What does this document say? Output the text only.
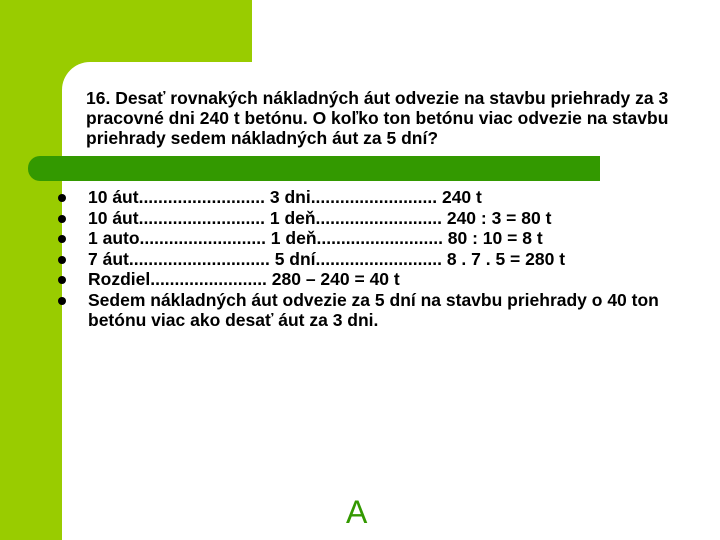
16. Desať rovnakých nákladných áut odvezie na stavbu priehrady za 3 pracovné dni 240 t betónu. O koľko ton betónu viac odvezie na stavbu priehrady sedem nákladných áut za 5 dní?

10 áut.......................... 3 dni.......................... 240 t
10 áut.......................... 1 deň.......................... 240 : 3 = 80 t
1 auto.......................... 1 deň.......................... 80 : 10 = 8 t
7 áut............................. 5 dní.......................... 8 . 7 . 5 = 280 t
Rozdiel........................ 280 – 240 = 40 t
Sedem nákladných áut odvezie za 5 dní na stavbu priehrady o 40 ton betónu viac ako desať áut za 3 dni.
A
